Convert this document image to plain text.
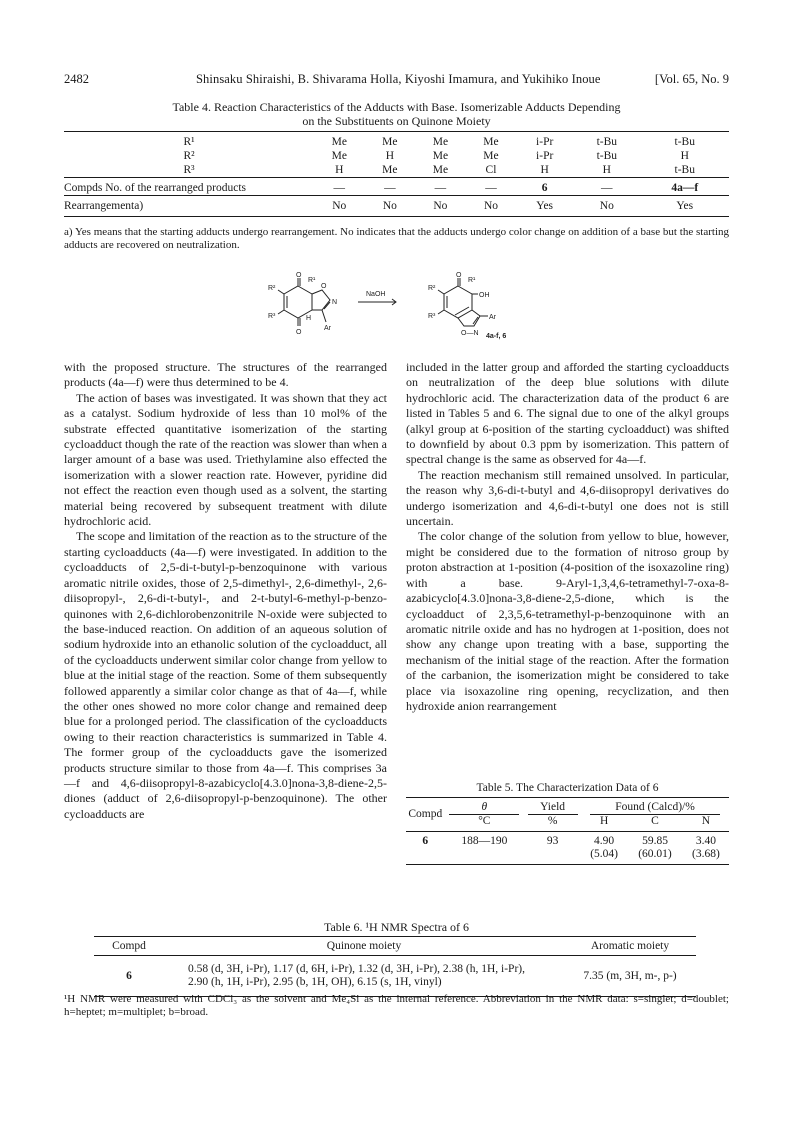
2482	Shinsaku Shiraishi, B. Shivarama Holla, Kiyoshi Imamura, and Yukihiko Inoue	[Vol. 65, No. 9
Table 4. Reaction Characteristics of the Adducts with Base. Isomerizable Adducts Depending
on the Substituents on Quinone Moiety
R¹	Me	Me	Me	Me	i-Pr	t-Bu	t-Bu
R²	Me	H	Me	Me	i-Pr	t-Bu	H
R³	H	Me	Me	Cl	H	H	t-Bu
Compds No. of the rearranged products	—	—	—	—	6	—	4a—f
Rearrangementa)	No	No	No	No	Yes	No	Yes
a) Yes means that the starting adducts undergo rearrangement. No indicates that the adducts undergo color change on addition of a base but the starting adducts are recovered on neutralization.
O
R¹
R²
R³
O
N
H
Ar
O
NaOH
O
R¹
R²
R³
OH
Ar
O—N 4a-f, 6

with the proposed structure. The structures of the rearranged products (4a—f) were thus determined to be 4.

The action of bases was investigated. It was shown that they act as a catalyst. Sodium hydroxide of less than 10 mol% of the substrate effected quantitative isomerization of the starting cycloadduct though the rate of the reaction was slower than when a larger amount of a base was used. Triethylamine also effected the isomerization with a slower reaction rate. However, pyridine did not effect the reaction even though used as a solvent, the starting material being recovered by subsequent treatment with dilute hydrochloric acid.

The scope and limitation of the reaction as to the structure of the starting cycloadducts (4a—f) were investigated. In addition to the cycloadducts of 2,5-di-t-butyl-p-benzoquinone with various aromatic nitrile oxides, those of 2,5-dimethyl-, 2,6-dimethyl-, 2,6-diisopropyl-, 2,6-di-t-butyl-, and 2-t-butyl-6-methyl-p-benzoquinones with 2,6-dichlorobenzonitrile N-oxide were subjected to the base-induced reaction. On addition of an aqueous solution of sodium hydroxide into an ethanolic solution of the cycloadduct, all of the cycloadducts underwent similar color change from yellow to blue at the initial stage of the reaction. Some of them subsequently followed apparently a similar color change as that of 4a—f, while the other ones showed no more color change and remained deep blue for a prolonged period. The classification of the cycloadducts owing to their reaction characteristics is summarized in Table 4. The former group of the cycloadducts gave the isomerized products structure similar to those from 4a—f. This comprises 3a—f and 4,6-diisopropyl-8-azabicyclo[4.3.0]nona-3,8-diene-2,5-diones (adduct of 2,6-diisopropyl-p-benzoquinone). The other cycloadducts are

included in the latter group and afforded the starting cycloadducts on neutralization of the deep blue solutions with dilute hydrochloric acid. The characterization data of the product 6 are listed in Tables 5 and 6. The signal due to one of the alkyl groups (alkyl group at 6-position of the starting cycloadduct) was shifted to downfield by about 0.3 ppm by isomerization. This pattern of spectral change is the same as observed for 4a—f.

The reaction mechanism still remained unsolved. In particular, the reason why 3,6-di-t-butyl and 4,6-diisopropyl derivatives do undergo isomerization and 4,6-di-t-butyl one does not is still uncertain.

The color change of the solution from yellow to blue, however, might be considered due to the formation of nitroso group by proton abstraction at 1-position (4-position of the isoxazoline ring) with a base. 9-Aryl-1,3,4,6-tetramethyl-7-oxa-8-azabicyclo[4.3.0]nona-3,8-diene-2,5-dione, which is the cycloadduct of 2,3,5,6-tetramethyl-p-benzoquinone with an aromatic nitrile oxide and has no hydrogen at 1-position, does not show any change upon treating with a base, supporting the mechanism of the initial stage of the reaction. After the formation of the carbanion, the isomerization might be considered to take place via isoxazoline ring opening, recyclization, and then hydroxide anion rearrangement

Table 5. The Characterization Data of 6
Compd	θ	Yield	Found (Calcd)/%		
	°C	%	H	C	N
6	188—190	93	4.90	59.85	3.40
			(5.04)	(60.01)	(3.68)
Table 6. ¹H NMR Spectra of 6
Compd	Quinone moiety	Aromatic moiety
6	0.58 (d, 3H, i-Pr), 1.17 (d, 6H, i-Pr), 1.32 (d, 3H, i-Pr), 2.38 (h, 1H, i-Pr),
2.90 (h, 1H, i-Pr), 2.95 (b, 1H, OH), 6.15 (s, 1H, vinyl)	7.35 (m, 3H, m-, p-)
¹H NMR were measured with CDCl₃ as the solvent and Me₄Si as the internal reference. Abbreviation in the NMR data: s=singlet; d=doublet; h=heptet; m=multiplet; b=broad.
